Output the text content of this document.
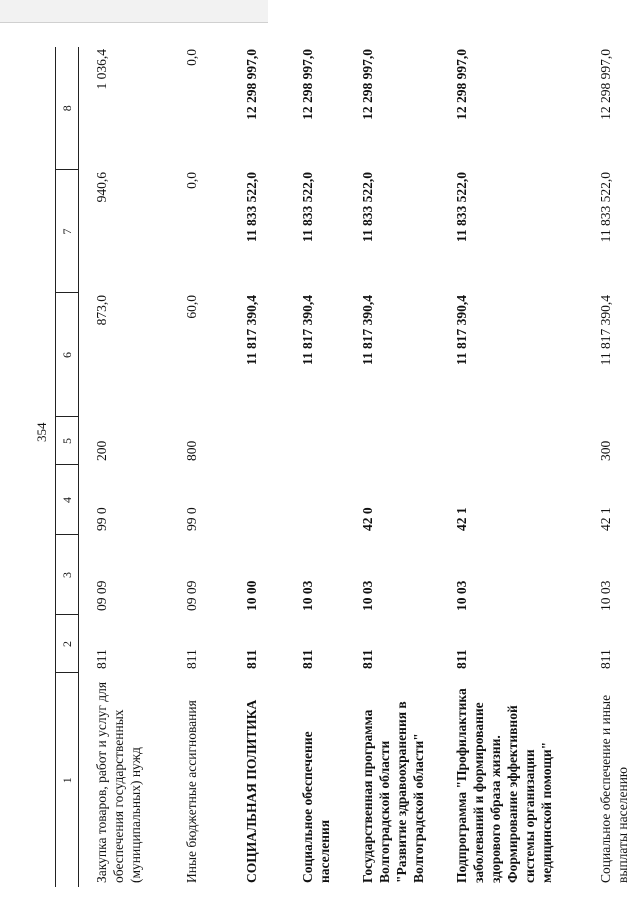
354
1	2	3	4	5	6	7	8
Закупка товаров, работ и услуг для обеспечения государственных (муниципальных) нужд	811	09 09	99 0	200	873,0	940,6	1 036,4
Иные бюджетные ассигнования	811	09 09	99 0	800	60,0	0,0	0,0
СОЦИАЛЬНАЯ ПОЛИТИКА	811	10 00			11 817 390,4	11 833 522,0	12 298 997,0
Социальное обеспечение населения	811	10 03			11 817 390,4	11 833 522,0	12 298 997,0
Государственная программа Волгоградской области "Развитие здравоохранения в Волгоградской области"	811	10 03	42 0		11 817 390,4	11 833 522,0	12 298 997,0
Подпрограмма "Профилактика заболеваний и формирование здорового образа жизни. Формирование эффективной системы организации медицинской помощи"	811	10 03	42 1		11 817 390,4	11 833 522,0	12 298 997,0
Социальное обеспечение и иные выплаты населению	811	10 03	42 1	300	11 817 390,4	11 833 522,0	12 298 997,0
